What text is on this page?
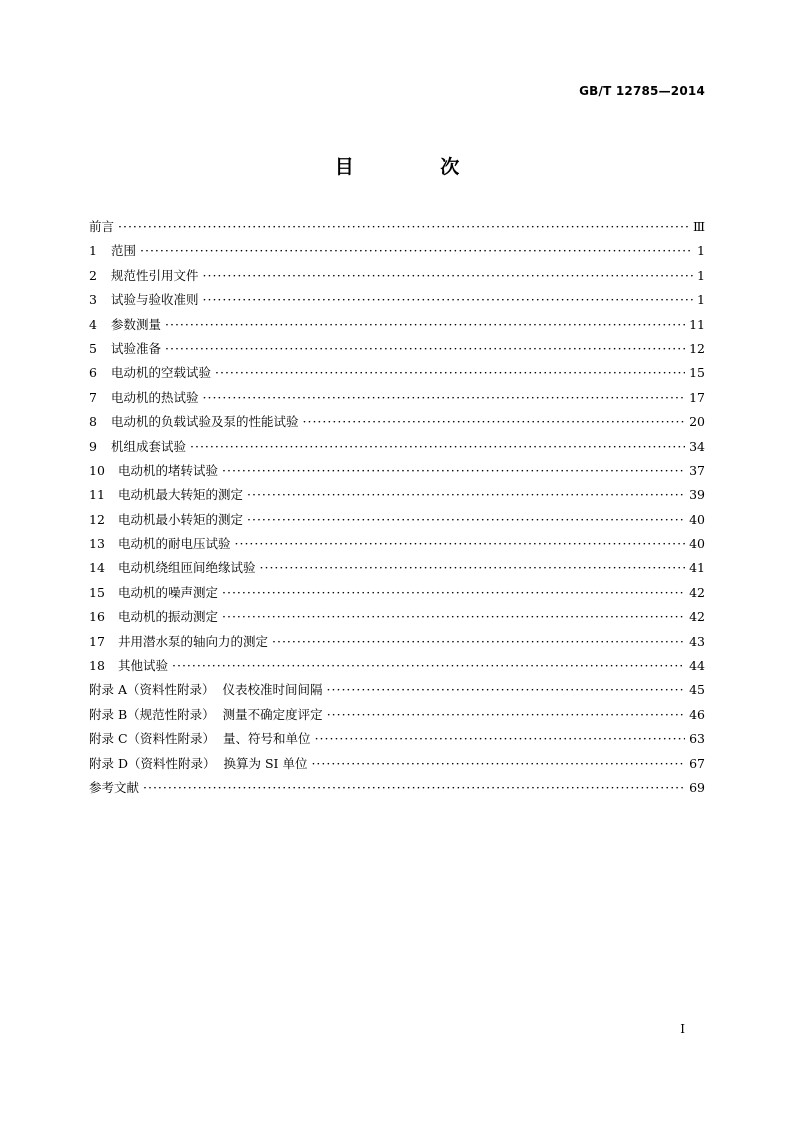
GB/T 12785—2014
目 次
前言 ·····	Ⅲ
1	范围 ·····	1
2	规范性引用文件 ·····	1
3	试验与验收准则 ·····	1
4	参数测量 ·····	11
5	试验准备 ·····	12
6	电动机的空载试验 ·····	15
7	电动机的热试验 ·····	17
8	电动机的负载试验及泵的性能试验 ·····	20
9	机组成套试验 ·····	34
10	电动机的堵转试验 ·····	37
11	电动机最大转矩的测定 ·····	39
12	电动机最小转矩的测定 ·····	40
13	电动机的耐电压试验 ·····	40
14	电动机绕组匝间绝缘试验 ·····	41
15	电动机的噪声测定 ·····	42
16	电动机的振动测定 ·····	42
17	井用潜水泵的轴向力的测定 ·····	43
18	其他试验 ·····	44
附录 A（资料性附录） 仪表校准时间间隔 ·····	45
附录 B（规范性附录） 测量不确定度评定 ·····	46
附录 C（资料性附录） 量、符号和单位 ·····	63
附录 D（资料性附录） 换算为 SI 单位 ·····	67
参考文献 ·····	69
I
